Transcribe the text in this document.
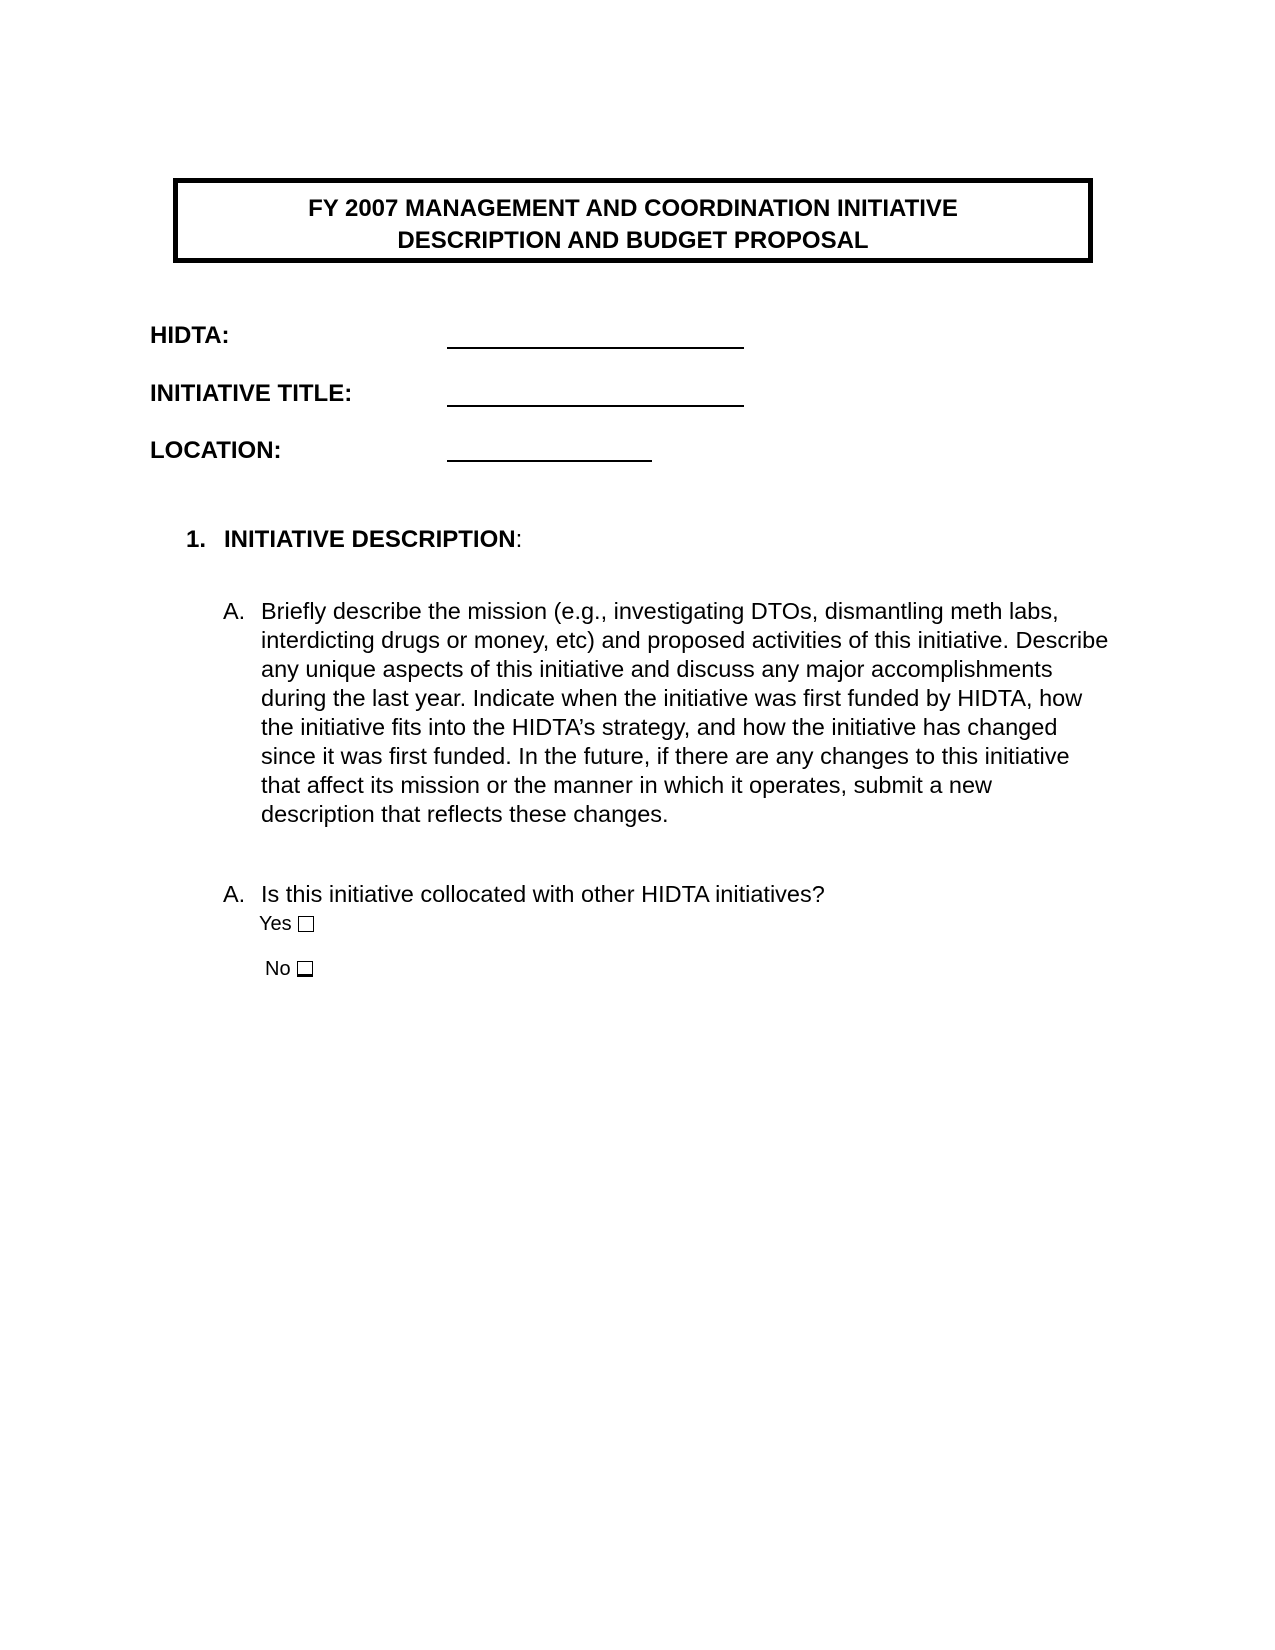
FY 2007 MANAGEMENT AND COORDINATION INITIATIVE
DESCRIPTION AND BUDGET PROPOSAL
HIDTA:
INITIATIVE TITLE:
LOCATION:
1. INITIATIVE DESCRIPTION:
A. Briefly describe the mission (e.g., investigating DTOs, dismantling meth labs, interdicting drugs or money, etc) and proposed activities of this initiative. Describe any unique aspects of this initiative and discuss any major accomplishments during the last year. Indicate when the initiative was first funded by HIDTA, how the initiative fits into the HIDTA’s strategy, and how the initiative has changed since it was first funded. In the future, if there are any changes to this initiative that affect its mission or the manner in which it operates, submit a new description that reflects these changes.
A. Is this initiative collocated with other HIDTA initiatives?
Yes
No
